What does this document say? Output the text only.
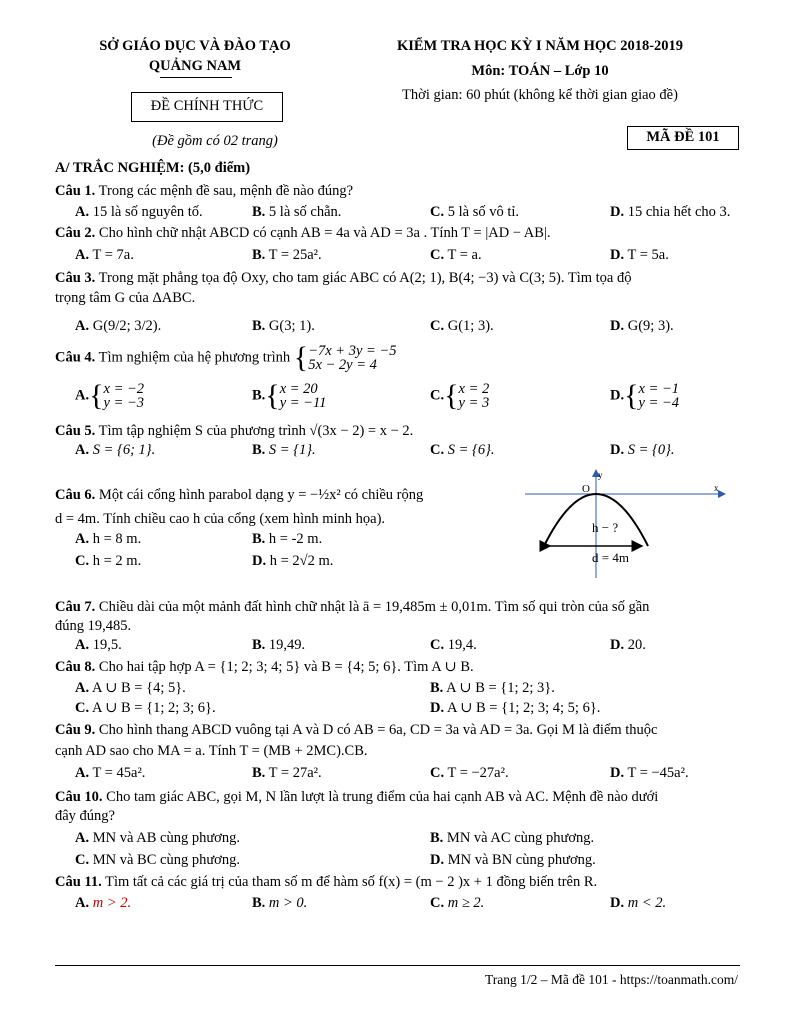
SỞ GIÁO DỤC VÀ ĐÀO TẠO
QUẢNG NAM
ĐỀ CHÍNH THỨC
(Đề gồm có 02 trang)
KIỂM TRA HỌC KỲ I NĂM HỌC 2018-2019
Môn: TOÁN – Lớp 10
Thời gian: 60 phút (không kể thời gian giao đề)
MÃ ĐỀ 101
A/ TRẮC NGHIỆM: (5,0 điểm)
Câu 1. Trong các mệnh đề sau, mệnh đề nào đúng?
A. 15 là số nguyên tố.	B. 5 là số chẵn.	C. 5 là số vô tỉ.	D. 15 chia hết cho 3.
Câu 2. Cho hình chữ nhật ABCD có cạnh AB = 4a và AD = 3a . Tính T = |AD − AB|.
A. T = 7a.	B. T = 25a².	C. T = a.	D. T = 5a.
Câu 3. Trong mặt phẳng tọa độ Oxy, cho tam giác ABC có A(2; 1), B(4; −3) và C(3; 5). Tìm tọa độ
trọng tâm G của ΔABC.
A. G(9/2; 3/2).	B. G(3; 1).	C. G(1; 3).	D. G(9; 3).
Câu 4. Tìm nghiệm của hệ phương trình {−7x + 3y = −5
5x − 2y = 4
A.{x = −2
y = −3	B.{x = 20
y = −11	C.{x = 2
y = 3	D.{x = −1
y = −4
Câu 5. Tìm tập nghiệm S của phương trình √(3x − 2) = x − 2.
A. S = {6; 1}.	B. S = {1}.	C. S = {6}.	D. S = {0}.
Câu 6. Một cái cổng hình parabol dạng y = −½x² có chiều rộng
d = 4m. Tính chiều cao h của cổng (xem hình minh họa).
A. h = 8 m.	B. h = -2 m.
C. h = 2 m.	D. h = 2√2 m.
O
y
x
h − ?
d = 4m
Câu 7. Chiều dài của một mảnh đất hình chữ nhật là ā = 19,485m ± 0,01m. Tìm số qui tròn của số gần
đúng 19,485.
A. 19,5.	B. 19,49.	C. 19,4.	D. 20.
Câu 8. Cho hai tập hợp A = {1; 2; 3; 4; 5} và B = {4; 5; 6}. Tìm A ∪ B.
A. A ∪ B = {4; 5}.	B. A ∪ B = {1; 2; 3}.
C. A ∪ B = {1; 2; 3; 6}.	D. A ∪ B = {1; 2; 3; 4; 5; 6}.
Câu 9. Cho hình thang ABCD vuông tại A và D có AB = 6a, CD = 3a và AD = 3a. Gọi M là điểm thuộc
cạnh AD sao cho MA = a. Tính T = (MB + 2MC).CB.
A. T = 45a².	B. T = 27a².	C. T = −27a².	D. T = −45a².
Câu 10. Cho tam giác ABC, gọi M, N lần lượt là trung điểm của hai cạnh AB và AC. Mệnh đề nào dưới
đây đúng?
A. MN và AB cùng phương.	B. MN và AC cùng phương.
C. MN và BC cùng phương.	D. MN và BN cùng phương.
Câu 11. Tìm tất cả các giá trị của tham số m để hàm số f(x) = (m − 2 )x + 1 đồng biến trên R.
A. m > 2.	B. m > 0.	C. m ≥ 2.	D. m < 2.
Trang 1/2 – Mã đề 101 - https://toanmath.com/
